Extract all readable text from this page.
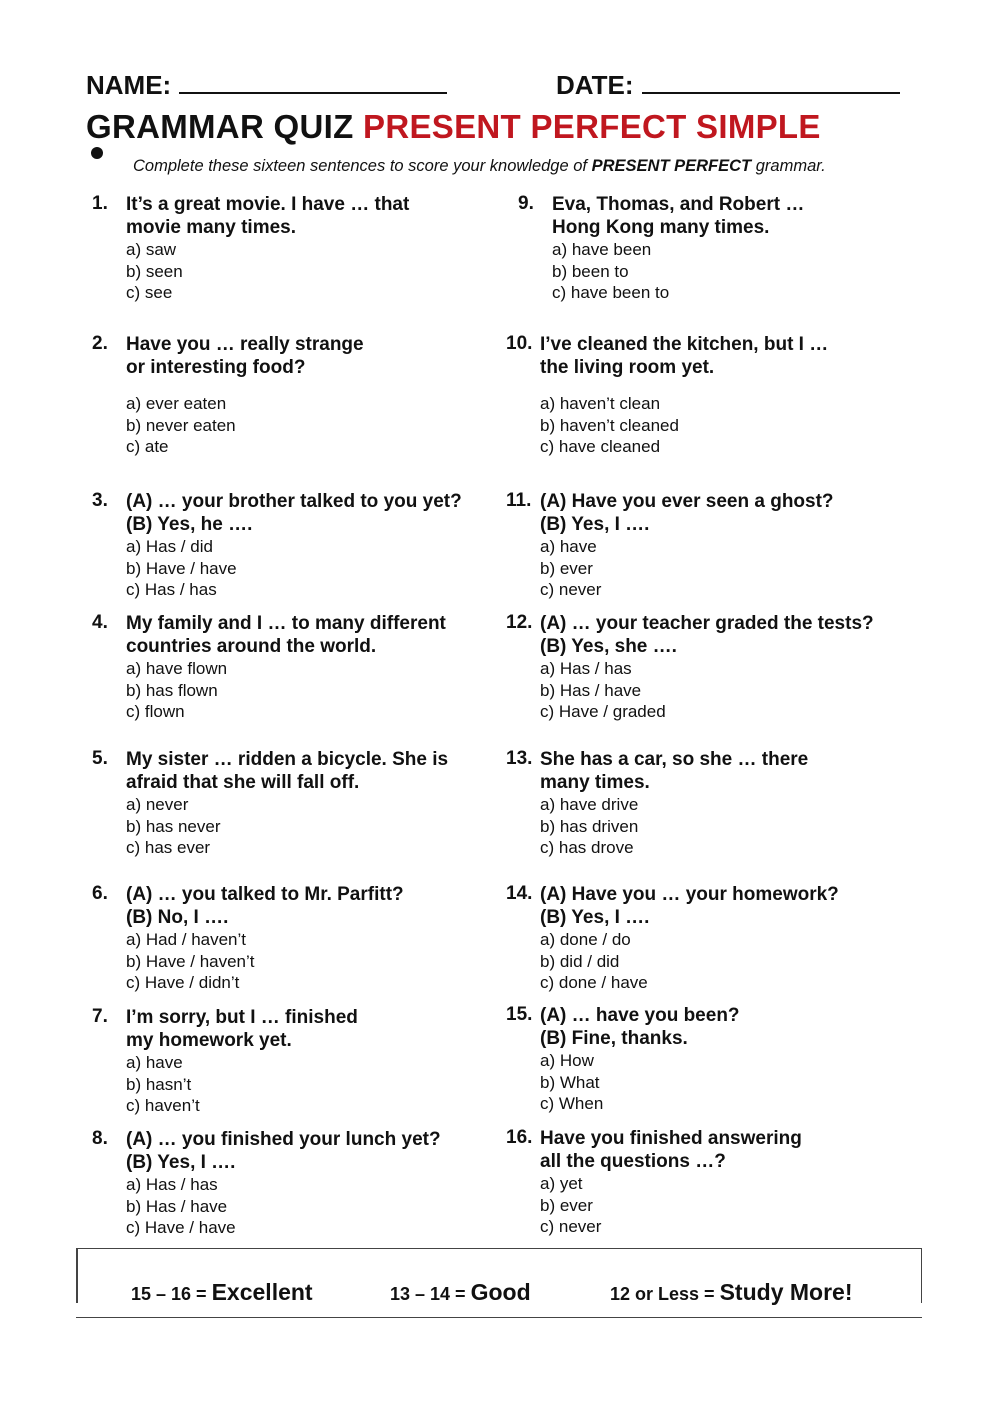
NAME:	DATE:
GRAMMAR QUIZ PRESENT PERFECT SIMPLE
Complete these sixteen sentences to score your knowledge of PRESENT PERFECT grammar.
1. It’s a great movie. I have … that
movie many times.
a) saw
b) seen
c) see
2. Have you … really strange
or interesting food?
a) ever eaten
b) never eaten
c) ate
3. (A) … your brother talked to you yet?
(B) Yes, he ….
a) Has / did
b) Have / have
c) Has / has
4. My family and I … to many different
countries around the world.
a) have flown
b) has flown
c) flown
5. My sister … ridden a bicycle. She is
afraid that she will fall off.
a) never
b) has never
c) has ever
6. (A) … you talked to Mr. Parfitt?
(B) No, I ….
a) Had / haven’t
b) Have / haven’t
c) Have / didn’t
7. I’m sorry, but I … finished
my homework yet.
a) have
b) hasn’t
c) haven’t
8. (A) … you finished your lunch yet?
(B) Yes, I ….
a) Has / has
b) Has / have
c) Have / have
9. Eva, Thomas, and Robert …
Hong Kong many times.
a) have been
b) been to
c) have been to
10. I’ve cleaned the kitchen, but I …
the living room yet.
a) haven’t clean
b) haven’t cleaned
c) have cleaned
11. (A) Have you ever seen a ghost?
(B) Yes, I ….
a) have
b) ever
c) never
12. (A) … your teacher graded the tests?
(B) Yes, she ….
a) Has / has
b) Has / have
c) Have / graded
13. She has a car, so she … there
many times.
a) have drive
b) has driven
c) has drove
14. (A) Have you … your homework?
(B) Yes, I ….
a) done / do
b) did / did
c) done / have
15. (A) … have you been?
(B) Fine, thanks.
a) How
b) What
c) When
16. Have you finished answering
all the questions …?
a) yet
b) ever
c) never
15 – 16 = Excellent	13 – 14 = Good	12 or Less = Study More!
